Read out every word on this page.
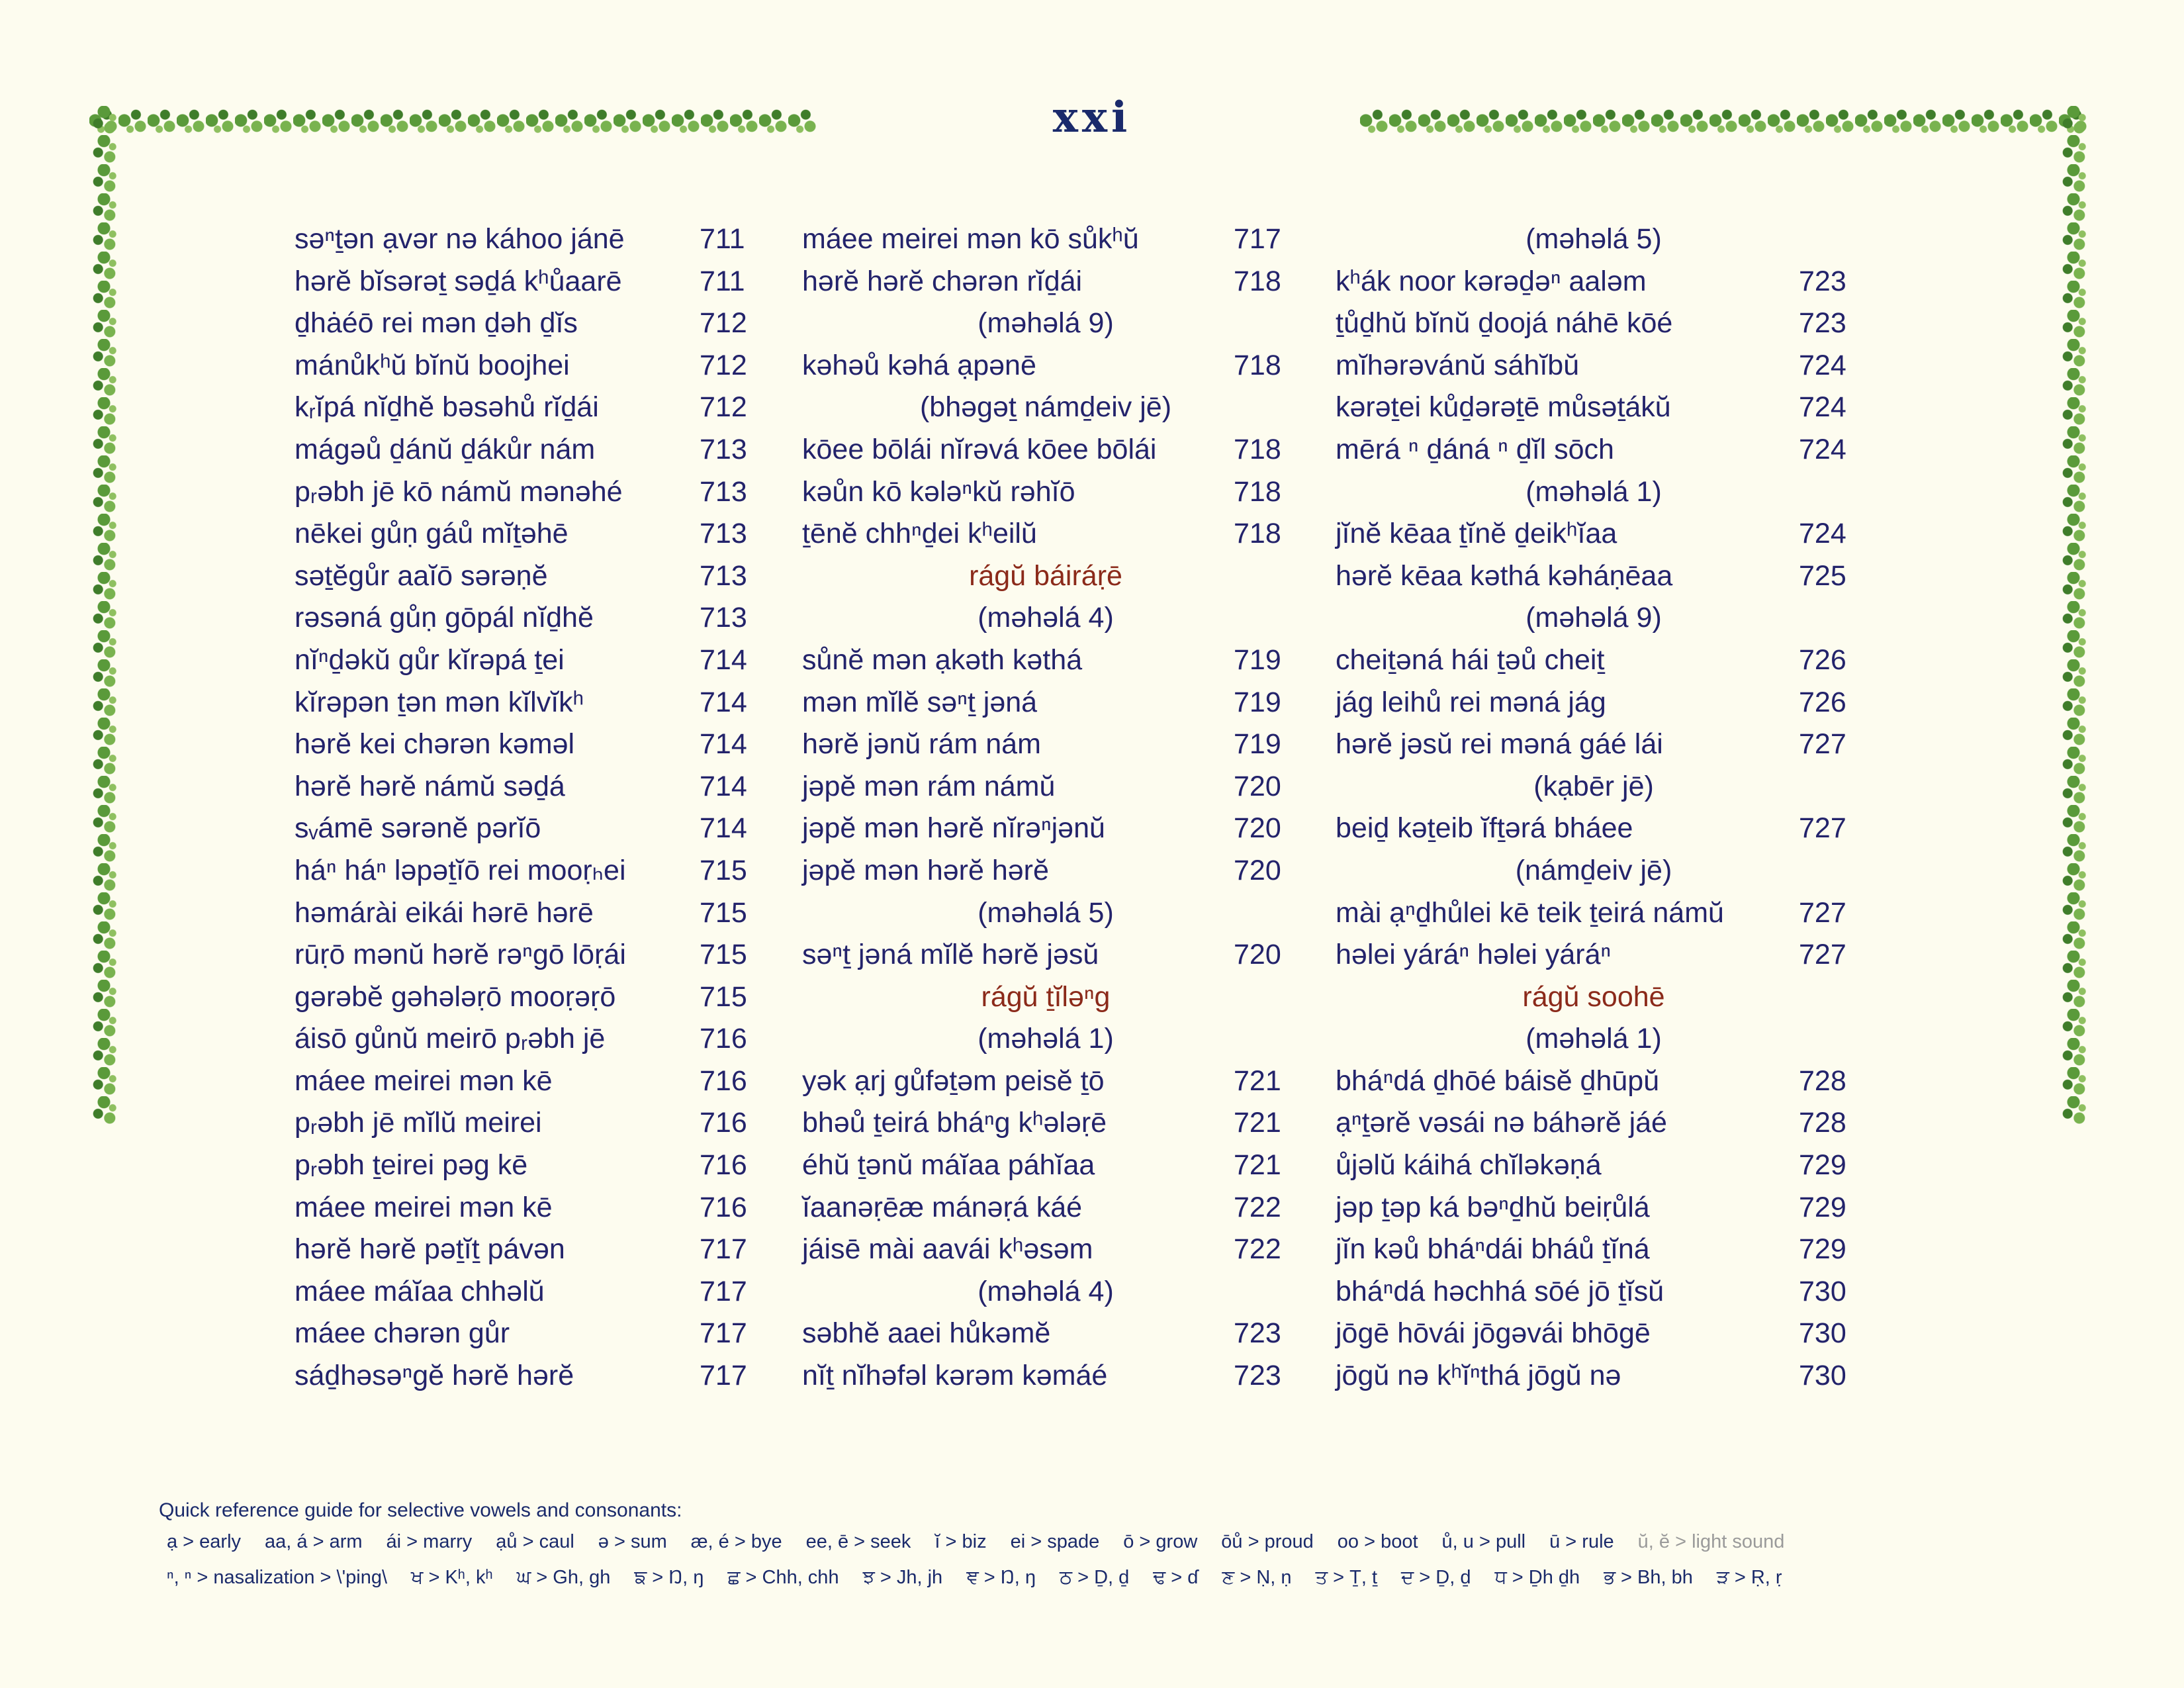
xxi
səⁿṯən ạvər nə káhoo jánē	711
hərĕ bĭsərəṯ səḏá kʰůaarē	711
ḏhȧéō rei mən ḏəh ḏĭs	712
mánůkʰŭ bĭnŭ boojhei	712
kᵣĭpá nĭḏhĕ bəsəhů rĭḏái	712
mágəů ḏánŭ ḏákůr nám	713
pᵣəbh jē kō námŭ mənəhé	713
nēkei gůṇ gáů mĭṯəhē	713
səṯĕgůr aaĭō sərəṇĕ	713
rəsəná gůṇ gōpál nĭḏhĕ	713
nĭⁿḏəkŭ gůr kĭrəpá ṯei	714
kĭrəpən ṯən mən kĭlvĭkʰ	714
hərĕ kei chərən kəməl	714
hərĕ hərĕ námŭ səḏá	714
sᵥámē sərənĕ pərĭō	714
háⁿ háⁿ ləpəṯĭō rei mooṛₕei	715
həmárài eikái hərē hərē	715
rūṛō mənŭ hərĕ rəⁿgō lōṛái	715
gərəbĕ gəhələṛō mooṛəṛō	715
áisō gůnŭ meirō pᵣəbh jē	716
máee meirei mən kē	716
pᵣəbh jē mĭlŭ meirei	716
pᵣəbh ṯeirei pəg kē	716
máee meirei mən kē	716
hərĕ hərĕ pəṯĭṯ pávən	717
máee máĭaa chhəlŭ	717
máee chərən gůr	717
sáḏhəsəⁿgĕ hərĕ hərĕ	717
máee meirei mən kō sůkʰŭ	717
hərĕ hərĕ chərən rĭḏái	718
(məhəlá 9)
kəhəů kəhá ạpənē	718
(bhəgəṯ námḏeiv jē)
kōee bōlái nĭrəvá kōee bōlái	718
kəůn kō kələⁿkŭ rəhĭō	718
ṯēnĕ chhⁿḏei kʰeilŭ	718
rágŭ báiráṛē
(məhəlá 4)
sůnĕ mən ạkəth kəthá	719
mən mĭlĕ səⁿṯ jəná	719
hərĕ jənŭ rám nám	719
jəpĕ mən rám námŭ	720
jəpĕ mən hərĕ nĭrəⁿjənŭ	720
jəpĕ mən hərĕ hərĕ	720
(məhəlá 5)
səⁿṯ jəná mĭlĕ hərĕ jəsŭ	720
rágŭ ṯĭləⁿg
(məhəlá 1)
yək ạrj gůfəṯəm peisĕ ṯō	721
bhəů ṯeirá bháⁿg kʰələṛē	721
éhŭ ṯənŭ máĭaa páhĭaa	721
ĭaanəṛēæ mánəṛá káé	722
jáisē mài aavái kʰəsəm	722
(məhəlá 4)
səbhĕ aaei hůkəmĕ	723
nĭṯ nĭhəfəl kərəm kəmáé	723
(məhəlá 5)
kʰák noor kərəḏəⁿ aaləm	723
ṯůḏhŭ bĭnŭ ḏoojá náhē kōé	723
mĭhərəvánŭ sáhĭbŭ	724
kərəṯei kůḏərəṯē můsəṯákŭ	724
mērá ⁿ ḏáná ⁿ ḏĭl sōch	724
(məhəlá 1)
jĭnĕ kēaa ṯĭnĕ ḏeikʰĭaa	724
hərĕ kēaa kəthá kəháṇēaa	725
(məhəlá 9)
cheiṯəná hái ṯəů cheiṯ	726
jág leihů rei məná jág	726
hərĕ jəsŭ rei məná gáé lái	727
(kạbēr jē)
beiḏ kəṯeib ĭfṯərá bháee	727
(námḏeiv jē)
mài ạⁿḏhůlei kē teik ṯeirá námŭ	727
həlei yáráⁿ həlei yáráⁿ	727
rágŭ soohē
(məhəlá 1)
bháⁿdá ḏhōé báisĕ ḏhūpŭ	728
ạⁿṯərĕ vəsái nə báhərĕ jáé	728
ůjəlŭ káihá chĭləkəṇá	729
jəp ṯəp ká bəⁿḏhŭ beiṛůlá	729
jĭn kəů bháⁿdái bháů ṯĭná	729
bháⁿdá həchhá sōé jō ṯĭsŭ	730
jōgē hōvái jōgəvái bhōgē	730
jōgŭ nə kʰĭⁿthá jōgŭ nə	730
Quick reference guide for selective vowels and consonants:
ạ > early aa, á > arm ái > marry ạů > caul ə > sum æ, é > bye ee, ē > seek ĭ > biz ei > spade ō > grow ōů > proud oo > boot ů, u > pull ū > rule ŭ, ĕ > light sound
ⁿ, ⁿ > nasalization > \'ping\ ਖ > Kʰ, kʰ ਘ > Gh, gh ਙ > Ŋ, ŋ ਛ > Chh, chh ਝ > Jh, jh ਞ > Ŋ, ŋ ਠ > Ḏ, ḏ ਢ > ɗ ਣ > Ṇ, ṇ ਤ > Ṯ, ṯ ਦ > Ḏ, ḏ ਧ > Ḏh ḏh ਭ > Bh, bh ੜ > Ṛ, ṛ
